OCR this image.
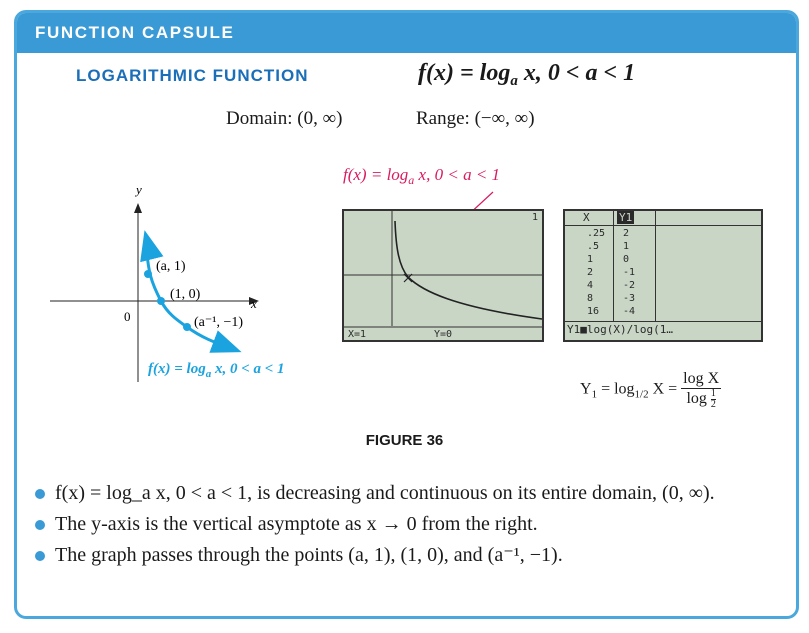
FUNCTION CAPSULE
LOGARITHMIC FUNCTION	$f(x) = \log_a x$, 0 < a < 1
Domain: (0, ∞)	Range: (−∞, ∞)
x
y
0
(a, 1)
(1, 0)
(a⁻¹, −1)
$f(x) = \log_a x$, 0 < a < 1
$f(x) = \log_a x$, 0 < a < 1
1
X=1	Y=0
X	Y1
.25 2
.5 1
1	0
2	-1
4	-2
8	-3
16 -4
Y1■log(X)/log(1…
$Y_1 = \log_{1/2} X = \frac{\text{log X}}{\log \frac{1}{2}}$
FIGURE 36
f(x) = log_a x, 0 < a < 1, is decreasing and continuous on its entire domain, (0, ∞).
The y-axis is the vertical asymptote as x → 0 from the right.
The graph passes through the points (a, 1), (1, 0), and (a⁻¹, −1).
